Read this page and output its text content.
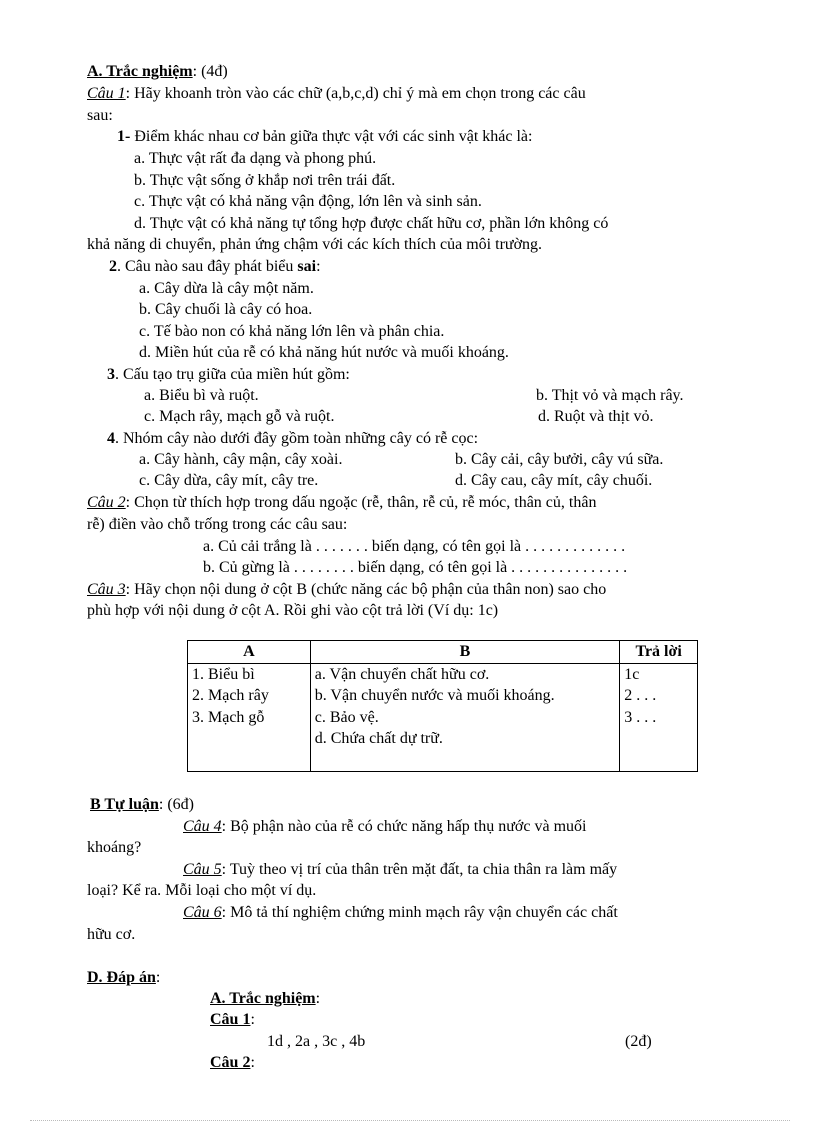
A. Trắc nghiệm: (4đ)
Câu 1: Hãy khoanh tròn vào các chữ (a,b,c,d) chỉ ý mà em chọn trong các câu
sau:
1- Điểm khác nhau cơ bản giữa thực vật với các sinh vật khác là:
a. Thực vật rất đa dạng và phong phú.
b. Thực vật sống ở khắp nơi trên trái đất.
c. Thực vật có khả năng vận động, lớn lên và sinh sản.
d. Thực vật có khả năng tự tổng hợp được chất hữu cơ, phần lớn không có
khả năng di chuyển, phản ứng chậm với các kích thích của môi trường.
2. Câu nào sau đây phát biểu sai:
a. Cây dừa là cây một năm.
b. Cây chuối là cây có hoa.
c. Tế bào non có khả năng lớn lên và phân chia.
d. Miền hút của rễ có khả năng hút nước và muối khoáng.
3. Cấu tạo trụ giữa của miền hút gồm:
a. Biểu bì và ruột.	b. Thịt vỏ và mạch rây.
c. Mạch rây, mạch gỗ và ruột.	d. Ruột và thịt vỏ.
4. Nhóm cây nào dưới đây gồm toàn những cây có rễ cọc:
a. Cây hành, cây mận, cây xoài.	b. Cây cải, cây bưởi, cây vú sữa.
c. Cây dừa, cây mít, cây tre.	d. Cây cau, cây mít, cây chuối.
Câu 2: Chọn từ thích hợp trong dấu ngoặc (rễ, thân, rễ củ, rễ móc, thân củ, thân
rễ) điền vào chỗ trống trong các câu sau:
a. Củ cải trắng là . . . . . . . biến dạng, có tên gọi là . . . . . . . . . . . . .
b. Củ gừng là . . . . . . . . biến dạng, có tên gọi là . . . . . . . . . . . . . . .
Câu 3: Hãy chọn nội dung ở cột B (chức năng các bộ phận của thân non) sao cho
phù hợp với nội dung ở cột A. Rồi ghi vào cột trả lời (Ví dụ: 1c)
A	B	Trả lời

1. Biểu bì
2. Mạch rây
3. Mạch gỗ	a. Vận chuyển chất hữu cơ.
b. Vận chuyển nước và muối khoáng.
c. Bảo vệ.
d. Chứa chất dự trữ.	1c
2 . . .
3 . . .
B Tự luận: (6đ)
Câu 4: Bộ phận nào của rễ có chức năng hấp thụ nước và muối
khoáng?
Câu 5: Tuỳ theo vị trí của thân trên mặt đất, ta chia thân ra làm mấy
loại? Kể ra. Mỗi loại cho một ví dụ.
Câu 6: Mô tả thí nghiệm chứng minh mạch rây vận chuyển các chất
hữu cơ.
D. Đáp án:
A. Trắc nghiệm:
Câu 1:
1d , 2a , 3c , 4b	(2đ)
Câu 2:
